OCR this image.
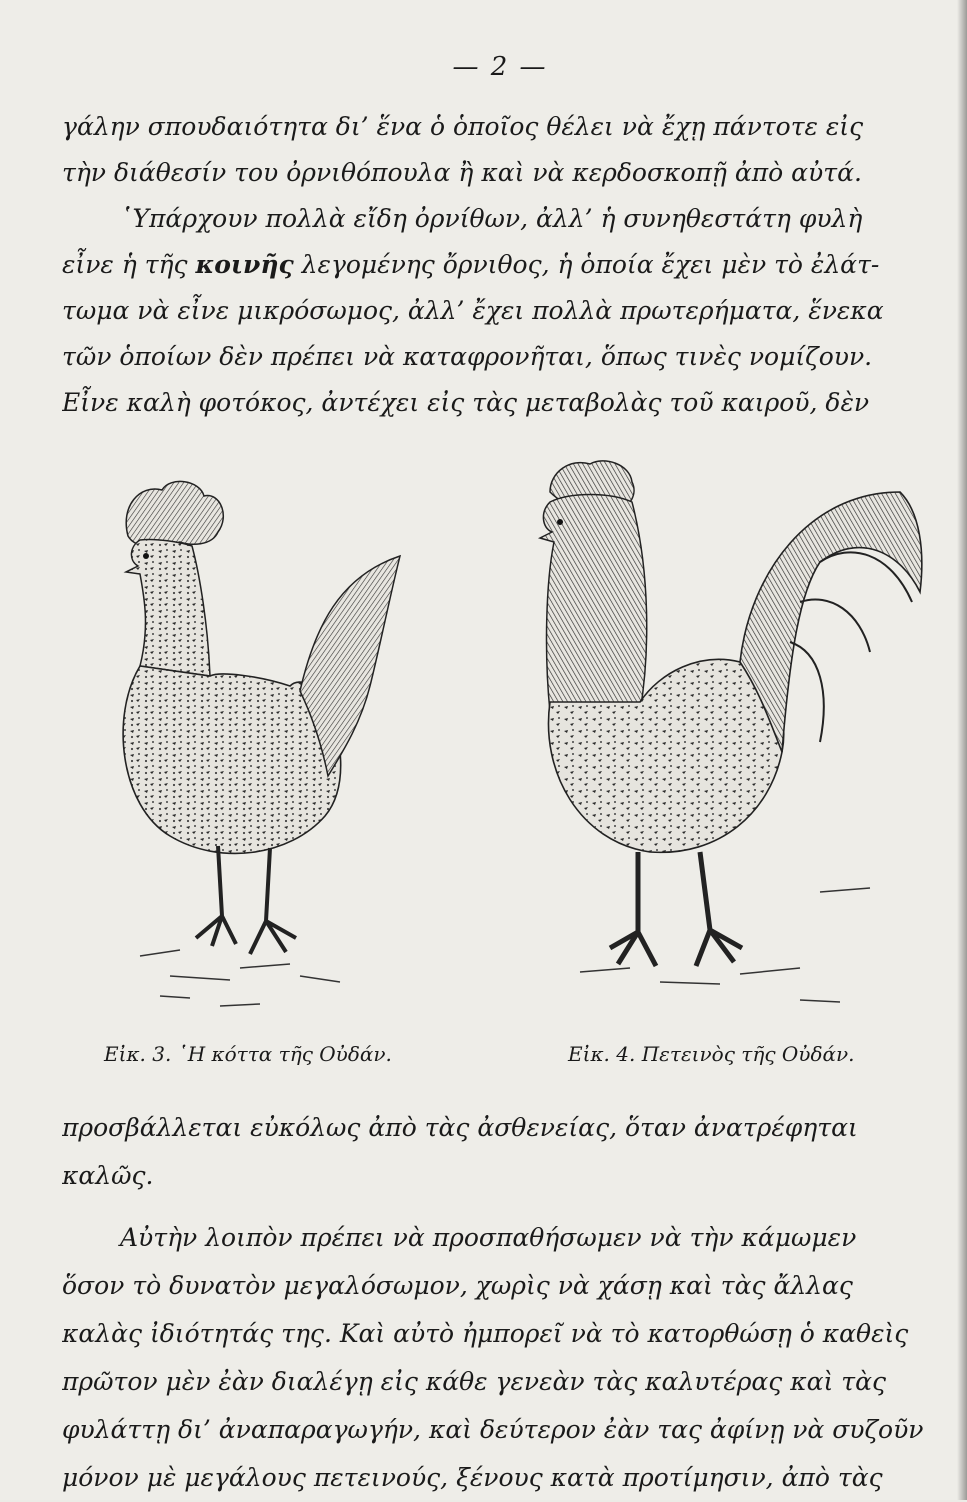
— 2 —
γάλην σπουδαιότητα δι’ ἕνα ὁ ὁποῖος θέλει νὰ ἔχῃ πάντοτε εἰς
τὴν διάθεσίν του ὀρνιθόπουλα ἢ καὶ νὰ κερδοσκοπῇ ἀπὸ αὐτά.
῾Υπάρχουν πολλὰ εἴδη ὀρνίθων, ἀλλ’ ἡ συνηθεστάτη φυλὴ
εἶνε ἡ τῆς κοινῆς λεγομένης ὄρνιθος, ἡ ὁποία ἔχει μὲν τὸ ἐλάτ-
τωμα νὰ εἶνε μικρόσωμος, ἀλλ’ ἔχει πολλὰ πρωτερήματα, ἕνεκα
τῶν ὁποίων δὲν πρέπει νὰ καταφρονῆται, ὅπως τινὲς νομίζουν.
Εἶνε καλὴ φοτόκος, ἀντέχει εἰς τὰς μεταβολὰς τοῦ καιροῦ, δὲν
Εἰκ. 3. ῾Η κόττα τῆς Οὐδάν.	Εἰκ. 4. Πετεινὸς τῆς Οὐδάν.
προσβάλλεται εὐκόλως ἀπὸ τὰς ἀσθενείας, ὅταν ἀνατρέφηται
καλῶς.
Αὐτὴν λοιπὸν πρέπει νὰ προσπαθήσωμεν νὰ τὴν κάμωμεν
ὅσον τὸ δυνατὸν μεγαλόσωμον, χωρὶς νὰ χάσῃ καὶ τὰς ἄλλας
καλὰς ἰδιότητάς της. Καὶ αὐτὸ ἠμπορεῖ νὰ τὸ κατορθώσῃ ὁ καθεὶς
πρῶτον μὲν ἐὰν διαλέγῃ εἰς κάθε γενεὰν τὰς καλυτέρας καὶ τὰς
φυλάττῃ δι’ ἀναπαραγωγήν, καὶ δεύτερον ἐὰν τας ἀφίνῃ νὰ συζοῦν
μόνον μὲ μεγάλους πετεινούς, ξένους κατὰ προτίμησιν, ἀπὸ τὰς
